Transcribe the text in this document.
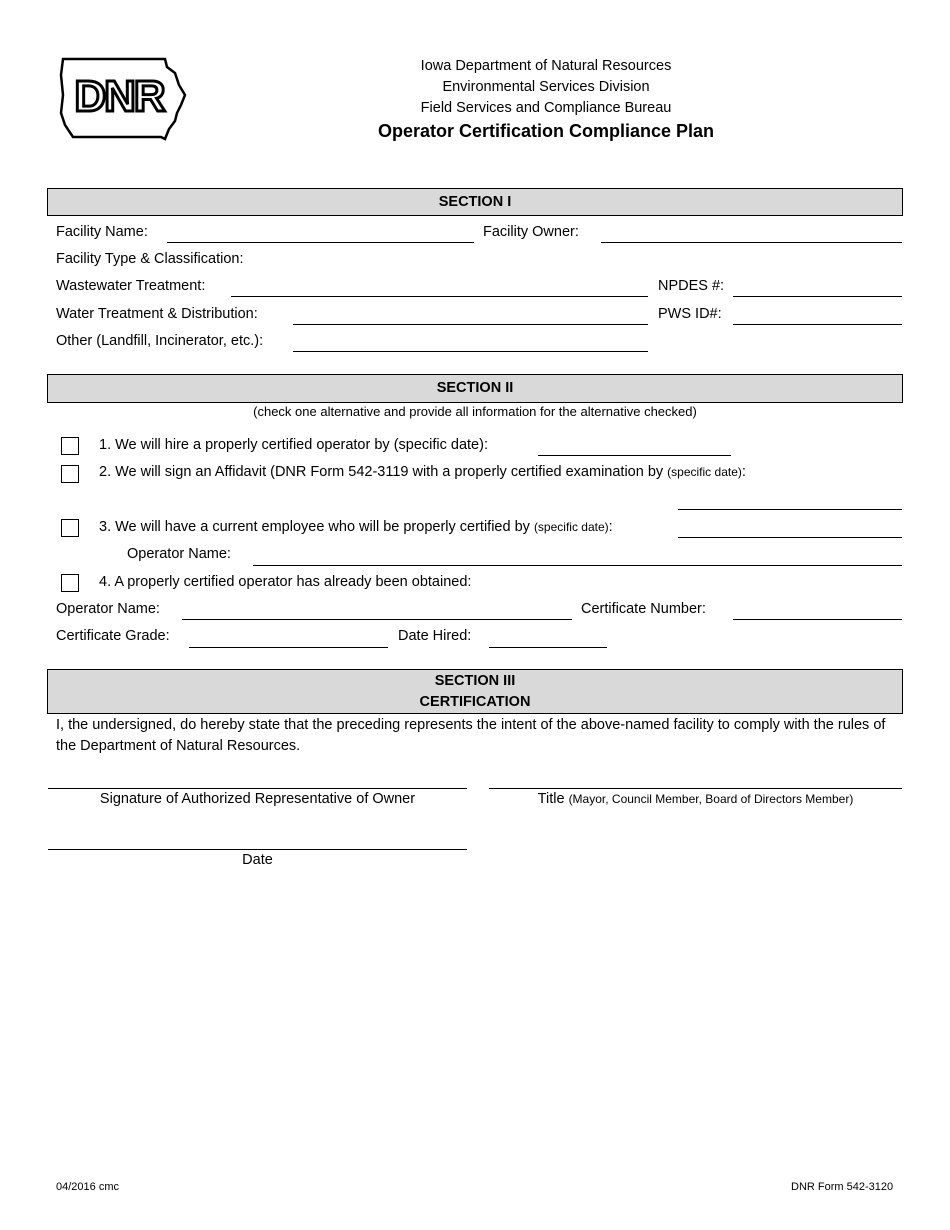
DNR
Iowa Department of Natural Resources
Environmental Services Division
Field Services and Compliance Bureau
Operator Certification Compliance Plan
SECTION I
Facility Name:	Facility Owner:
Facility Type & Classification:
Wastewater Treatment:	NPDES #:
Water Treatment & Distribution:	PWS ID#:
Other (Landfill, Incinerator, etc.):
SECTION II
(check one alternative and provide all information for the alternative checked)
1. We will hire a properly certified operator by (specific date):
2. We will sign an Affidavit (DNR Form 542-3119 with a properly certified examination by (specific date):
3. We will have a current employee who will be properly certified by (specific date):
Operator Name:
4. A properly certified operator has already been obtained:
Operator Name:	Certificate Number:
Certificate Grade:	Date Hired:
SECTION III
CERTIFICATION
I, the undersigned, do hereby state that the preceding represents the intent of the above-named facility to comply with the rules of the Department of Natural Resources.
Signature of Authorized Representative of Owner	Title (Mayor, Council Member, Board of Directors Member)
Date
04/2016 cmc	DNR Form 542-3120
